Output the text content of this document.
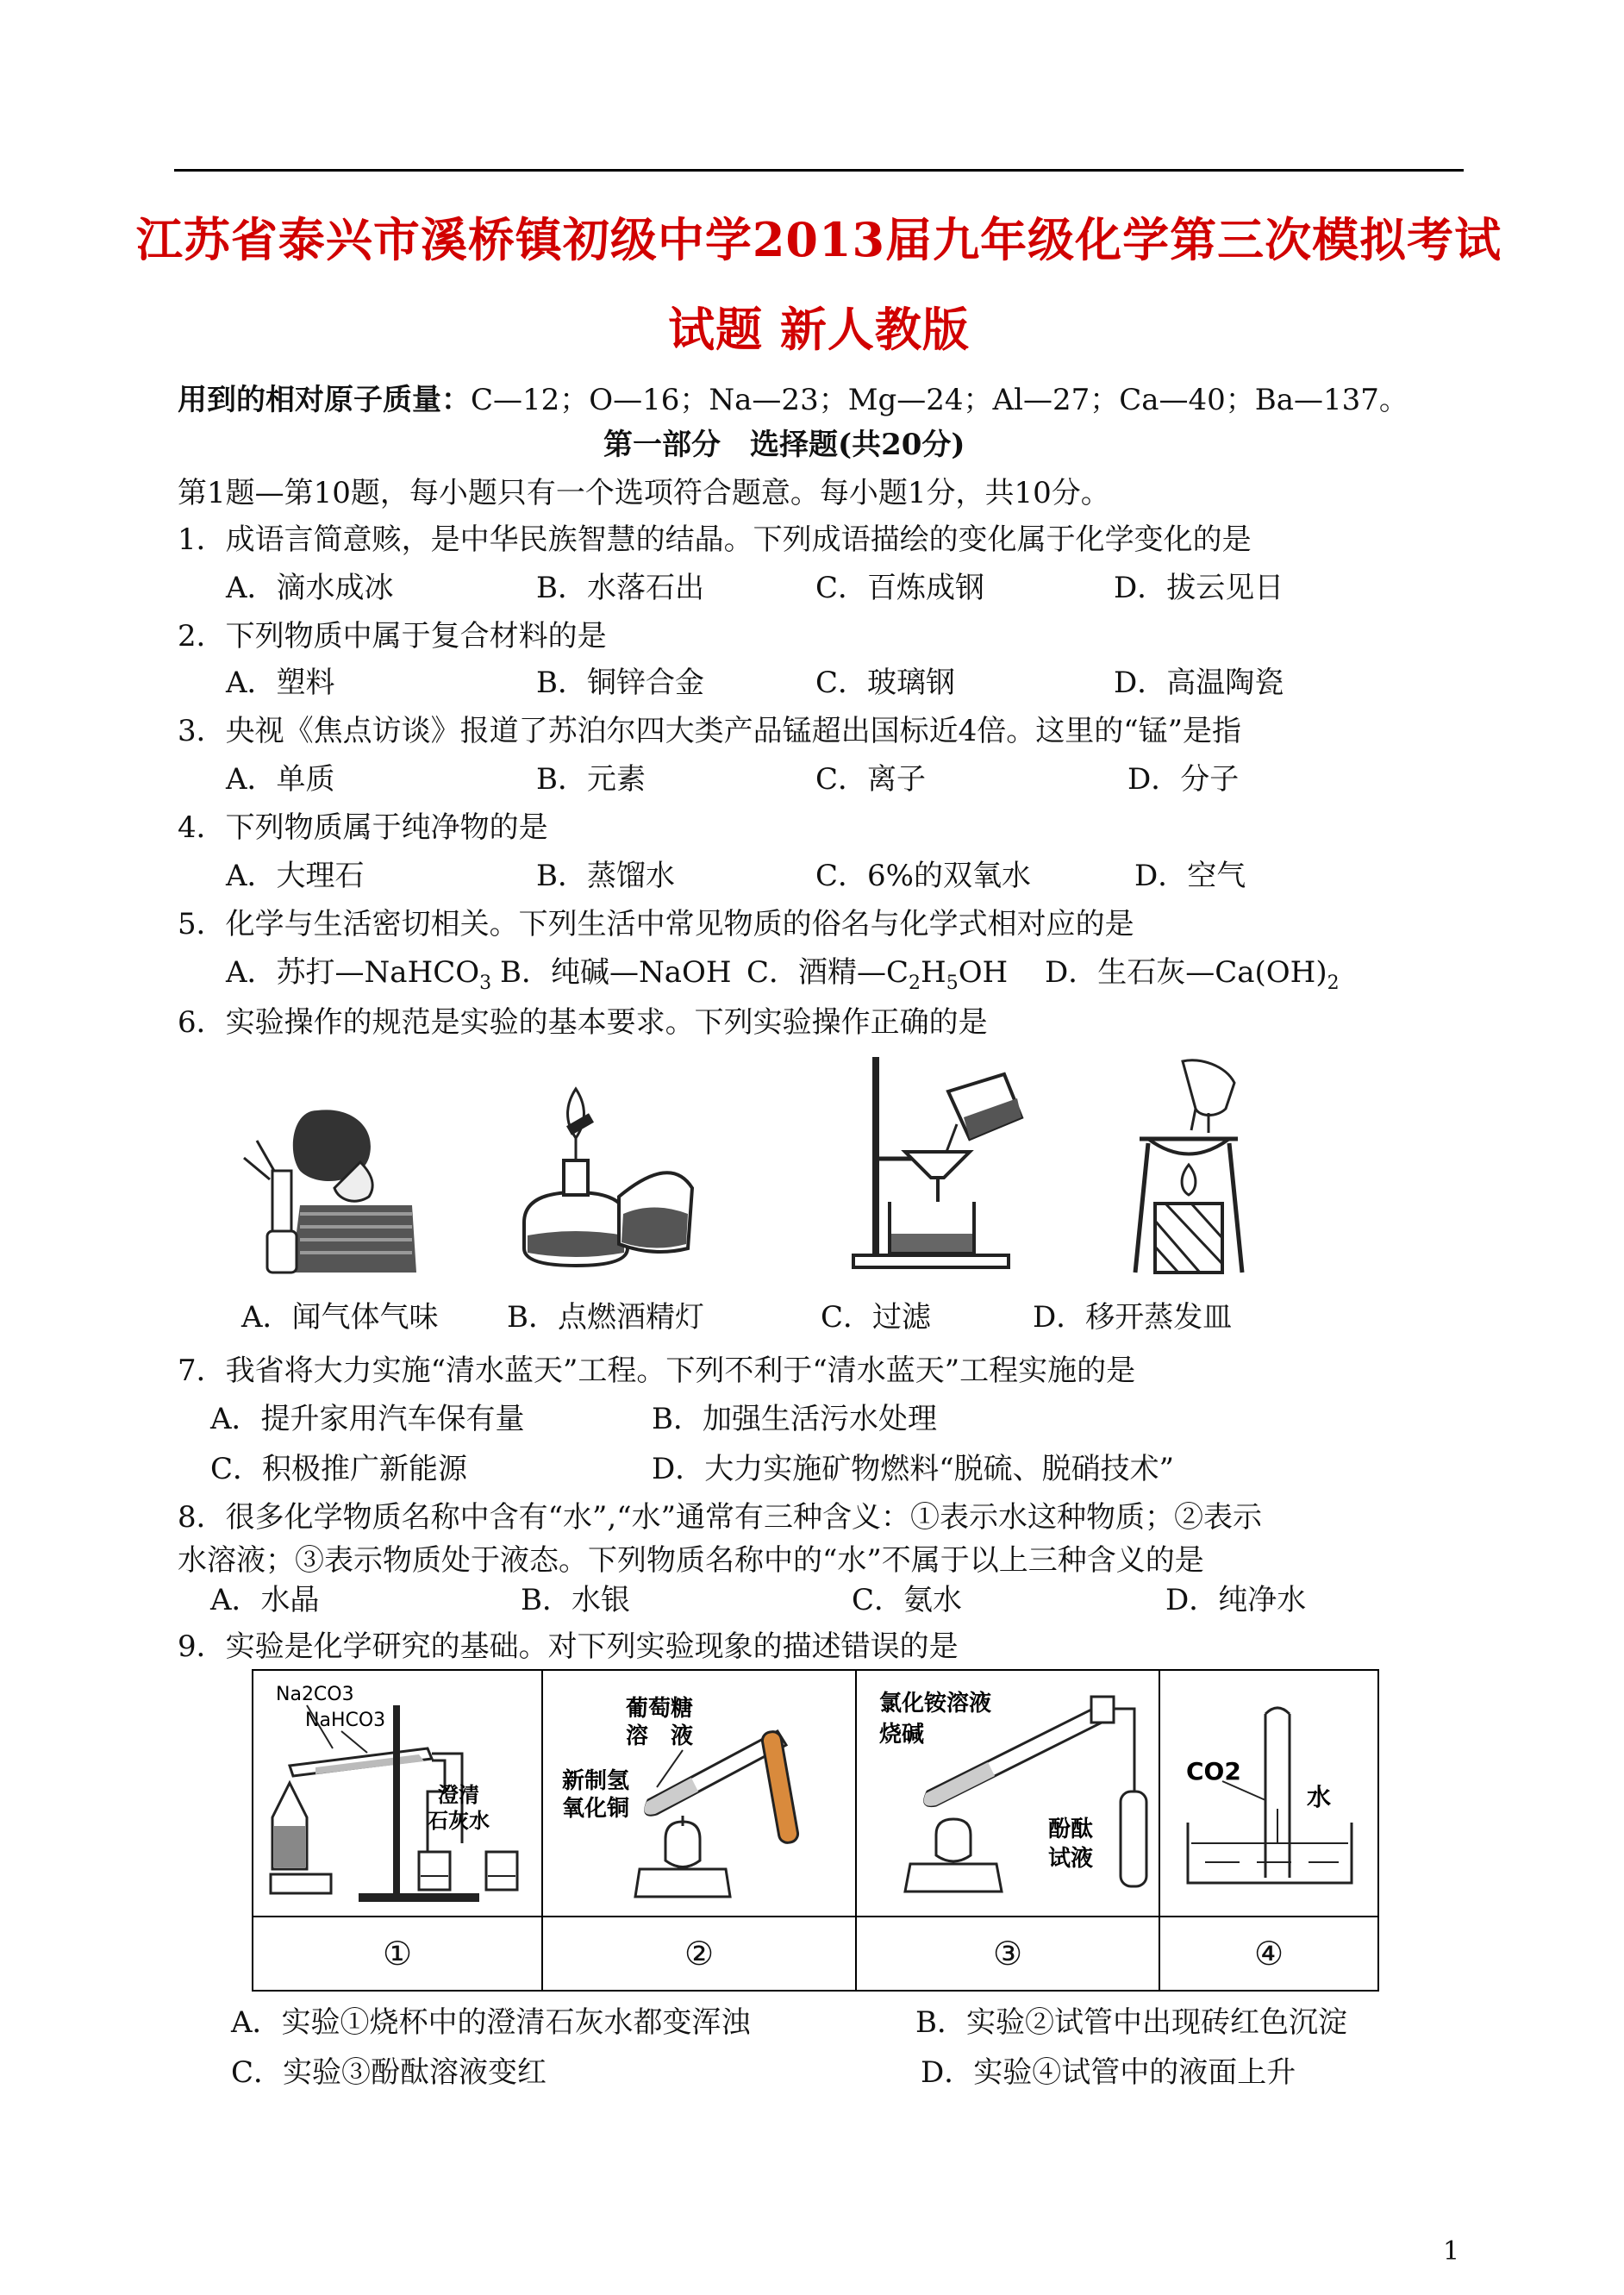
江苏省泰兴市溪桥镇初级中学2013届九年级化学第三次模拟考试
试题 新人教版
用到的相对原子质量：C—12；O—16；Na—23；Mg—24；Al—27；Ca—40；Ba—137。
第一部分　选择题(共20分)
第1题—第10题，每小题只有一个选项符合题意。每小题1分，共10分。
1．成语言简意赅，是中华民族智慧的结晶。下列成语描绘的变化属于化学变化的是
A．滴水成冰	B．水落石出	C．百炼成钢	D．拔云见日
2．下列物质中属于复合材料的是
A．塑料	B．铜锌合金	C．玻璃钢	D．高温陶瓷
3．央视《焦点访谈》报道了苏泊尔四大类产品锰超出国标近4倍。这里的“锰”是指
A．单质	B．元素	C．离子	D．分子
4．下列物质属于纯净物的是
A．大理石	B．蒸馏水	C．6%的双氧水	D．空气
5．化学与生活密切相关。下列生活中常见物质的俗名与化学式相对应的是
A．苏打—NaHCO$_3$ B．纯碱—NaOH C．酒精$—C_2H_5OH$ D．生石灰$—Ca(OH)_2$
6．实验操作的规范是实验的基本要求。下列实验操作正确的是
A．闻气体气味 B．点燃酒精灯	C．过滤	D．移开蒸发皿
7．我省将大力实施“清水蓝天”工程。下列不利于“清水蓝天”工程实施的是
A．提升家用汽车保有量	B．加强生活污水处理
C．积极推广新能源	D．大力实施矿物燃料“脱硫、脱硝技术”
8．很多化学物质名称中含有“水”,“水”通常有三种含义：①表示水这种物质；②表示
水溶液；③表示物质处于液态。下列物质名称中的“水”不属于以上三种含义的是
A．水晶	B．水银	C．氨水	D．纯净水
9．实验是化学研究的基础。对下列实验现象的描述错误的是
Na2CO3
NaHCO3
澄清
石灰水	葡萄糖
溶　液
新制氢
氧化铜	氯化铵溶液
烧碱
酚酞
试液	CO2
水

①	②	③	④
A．实验①烧杯中的澄清石灰水都变浑浊	B．实验②试管中出现砖红色沉淀
C．实验③酚酞溶液变红	D．实验④试管中的液面上升
1
